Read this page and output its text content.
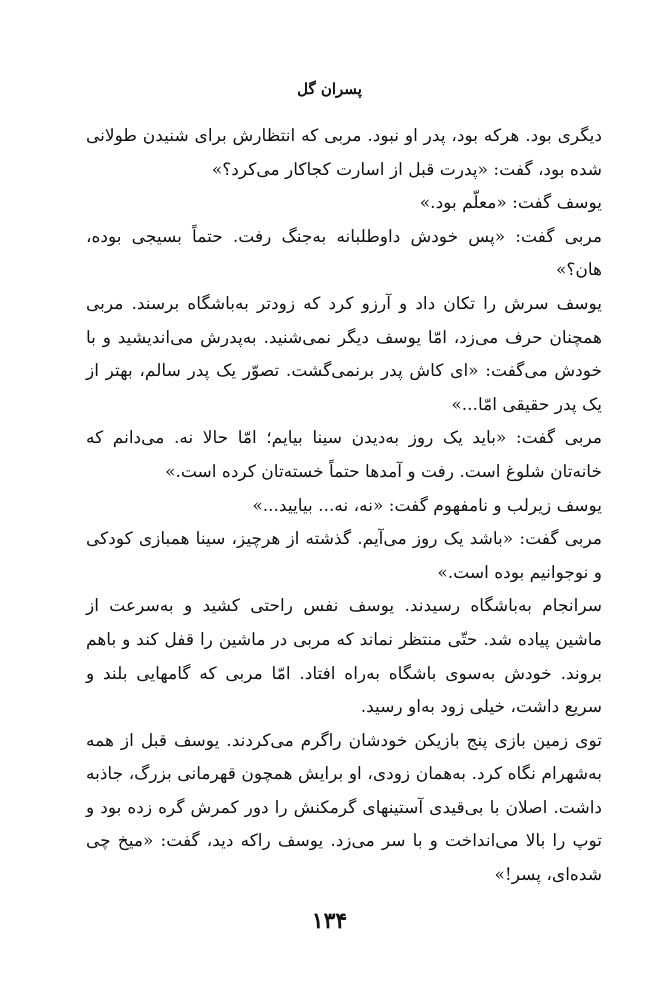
پسران گل

دیگری بود. هرکه بود، پدر او نبود. مربی که انتظارش برای شنیدن طولانی شده بود، گفت: «پدرت قبل از اسارت کجاکار می‌کرد؟»

یوسف گفت: «معلّم بود.»

مربی گفت: «پس خودش داوطلبانه به‌جنگ رفت. حتماً بسیجی بوده، هان؟»

یوسف سرش را تکان داد و آرزو کرد که زودتر به‌باشگاه برسند. مربی همچنان حرف می‌زد، امّا یوسف دیگر نمی‌شنید. به‌پدرش می‌اندیشید و با خودش می‌گفت: «ای کاش پدر برنمی‌گشت. تصوّر یک پدر سالم، بهتر از یک پدر حقیقی امّا...»

مربی گفت: «باید یک روز به‌دیدن سینا بیایم؛ امّا حالا نه. می‌دانم که خانه‌تان شلوغ است. رفت و آمدها حتماً خسته‌تان کرده است.»

یوسف زیرلب و نامفهوم گفت: «نه، نه... بیایید...»

مربی گفت: «باشد یک روز می‌آیم. گذشته از هرچیز، سینا همبازی کودکی و نوجوانیم بوده است.»

سرانجام به‌باشگاه رسیدند. یوسف نفس راحتی کشید و به‌سرعت از ماشین پیاده شد. حتّی منتظر نماند که مربی در ماشین را قفل کند و باهم بروند. خودش به‌سوی باشگاه به‌راه افتاد. امّا مربی که گامهایی بلند و سریع داشت، خیلی زود به‌او رسید.

توی زمین بازی پنج بازیکن خودشان راگرم می‌کردند. یوسف قبل از همه به‌شهرام نگاه کرد. به‌همان زودی، او برایش همچون قهرمانی بزرگ، جاذبه داشت. اصلان با بی‌قیدی آستینهای گرمکنش را دور کمرش گره زده بود و توپ را بالا می‌انداخت و با سر می‌زد. یوسف راکه دید، گفت: «میخ چی شده‌ای، پسر!»

۱۳۴
